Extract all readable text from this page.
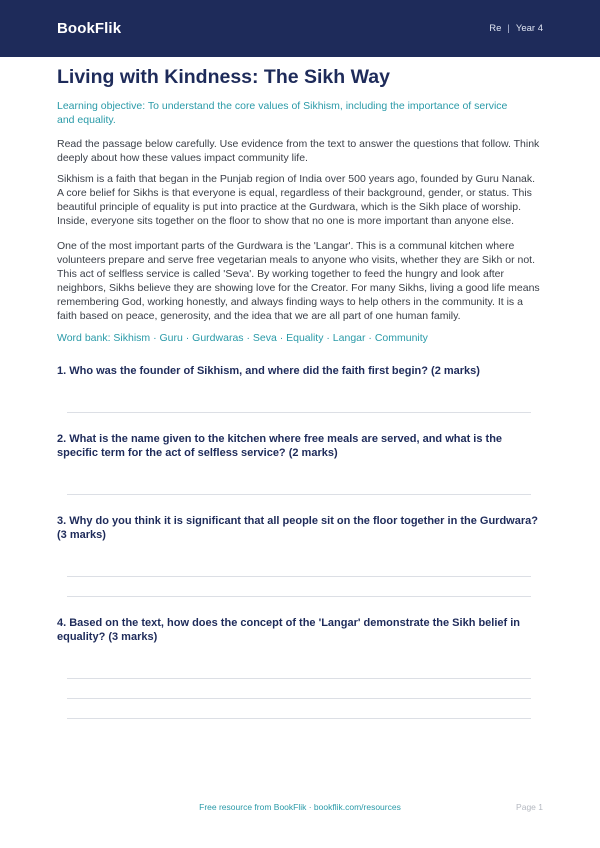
BookFlik	Re | Year 4
Living with Kindness: The Sikh Way
Learning objective: To understand the core values of Sikhism, including the importance of service and equality.
Read the passage below carefully. Use evidence from the text to answer the questions that follow. Think deeply about how these values impact community life.
Sikhism is a faith that began in the Punjab region of India over 500 years ago, founded by Guru Nanak. A core belief for Sikhs is that everyone is equal, regardless of their background, gender, or status. This beautiful principle of equality is put into practice at the Gurdwara, which is the Sikh place of worship. Inside, everyone sits together on the floor to show that no one is more important than anyone else.
One of the most important parts of the Gurdwara is the 'Langar'. This is a communal kitchen where volunteers prepare and serve free vegetarian meals to anyone who visits, whether they are Sikh or not. This act of selfless service is called 'Seva'. By working together to feed the hungry and look after neighbors, Sikhs believe they are showing love for the Creator. For many Sikhs, living a good life means remembering God, working honestly, and always finding ways to help others in the community. It is a faith based on peace, generosity, and the idea that we are all part of one human family.
Word bank: Sikhism · Guru · Gurdwaras · Seva · Equality · Langar · Community
1. Who was the founder of Sikhism, and where did the faith first begin? (2 marks)
2. What is the name given to the kitchen where free meals are served, and what is the specific term for the act of selfless service? (2 marks)
3. Why do you think it is significant that all people sit on the floor together in the Gurdwara? (3 marks)
4. Based on the text, how does the concept of the 'Langar' demonstrate the Sikh belief in equality? (3 marks)
Free resource from BookFlik · bookflik.com/resources	Page 1
